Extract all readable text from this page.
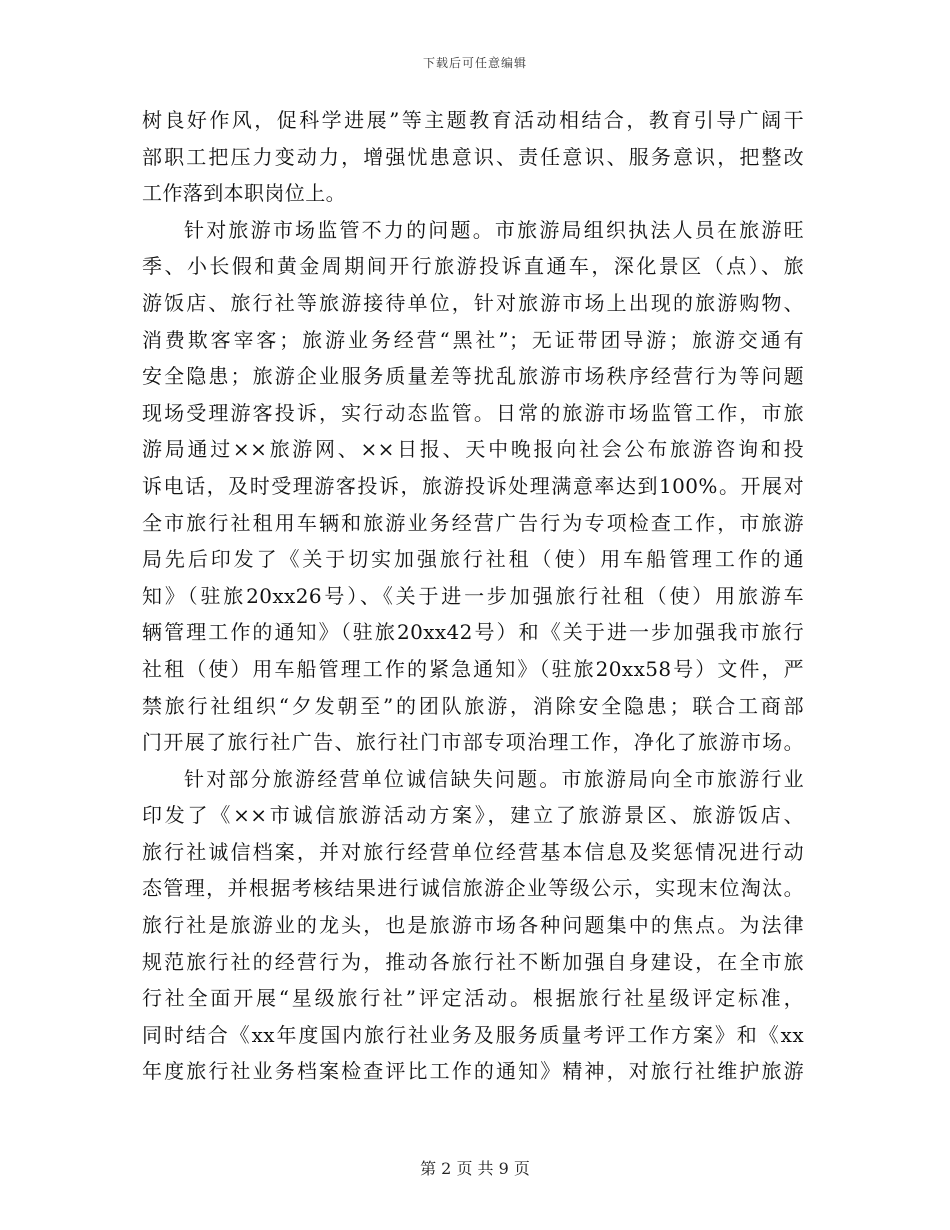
下载后可任意编辑
树良好作风，促科学进展”等主题教育活动相结合，教育引导广阔干
部职工把压力变动力，增强忧患意识、责任意识、服务意识，把整改
工作落到本职岗位上。
针对旅游市场监管不力的问题。市旅游局组织执法人员在旅游旺
季、小长假和黄金周期间开行旅游投诉直通车，深化景区（点）、旅
游饭店、旅行社等旅游接待单位，针对旅游市场上出现的旅游购物、
消费欺客宰客；旅游业务经营“黑社”；无证带团导游；旅游交通有
安全隐患；旅游企业服务质量差等扰乱旅游市场秩序经营行为等问题
现场受理游客投诉，实行动态监管。日常的旅游市场监管工作，市旅
游局通过××旅游网、××日报、天中晚报向社会公布旅游咨询和投
诉电话，及时受理游客投诉，旅游投诉处理满意率达到100%。开展对
全市旅行社租用车辆和旅游业务经营广告行为专项检查工作，市旅游
局先后印发了《关于切实加强旅行社租（使）用车船管理工作的通
知》（驻旅20xx26号）、《关于进一步加强旅行社租（使）用旅游车
辆管理工作的通知》（驻旅20xx42号）和《关于进一步加强我市旅行
社租（使）用车船管理工作的紧急通知》（驻旅20xx58号）文件，严
禁旅行社组织“夕发朝至”的团队旅游，消除安全隐患；联合工商部
门开展了旅行社广告、旅行社门市部专项治理工作，净化了旅游市场。
针对部分旅游经营单位诚信缺失问题。市旅游局向全市旅游行业
印发了《××市诚信旅游活动方案》，建立了旅游景区、旅游饭店、
旅行社诚信档案，并对旅行经营单位经营基本信息及奖惩情况进行动
态管理，并根据考核结果进行诚信旅游企业等级公示，实现末位淘汰。
旅行社是旅游业的龙头，也是旅游市场各种问题集中的焦点。为法律
规范旅行社的经营行为，推动各旅行社不断加强自身建设，在全市旅
行社全面开展“星级旅行社”评定活动。根据旅行社星级评定标准，
同时结合《xx年度国内旅行社业务及服务质量考评工作方案》和《xx
年度旅行社业务档案检查评比工作的通知》精神，对旅行社维护旅游
第 2 页 共 9 页
